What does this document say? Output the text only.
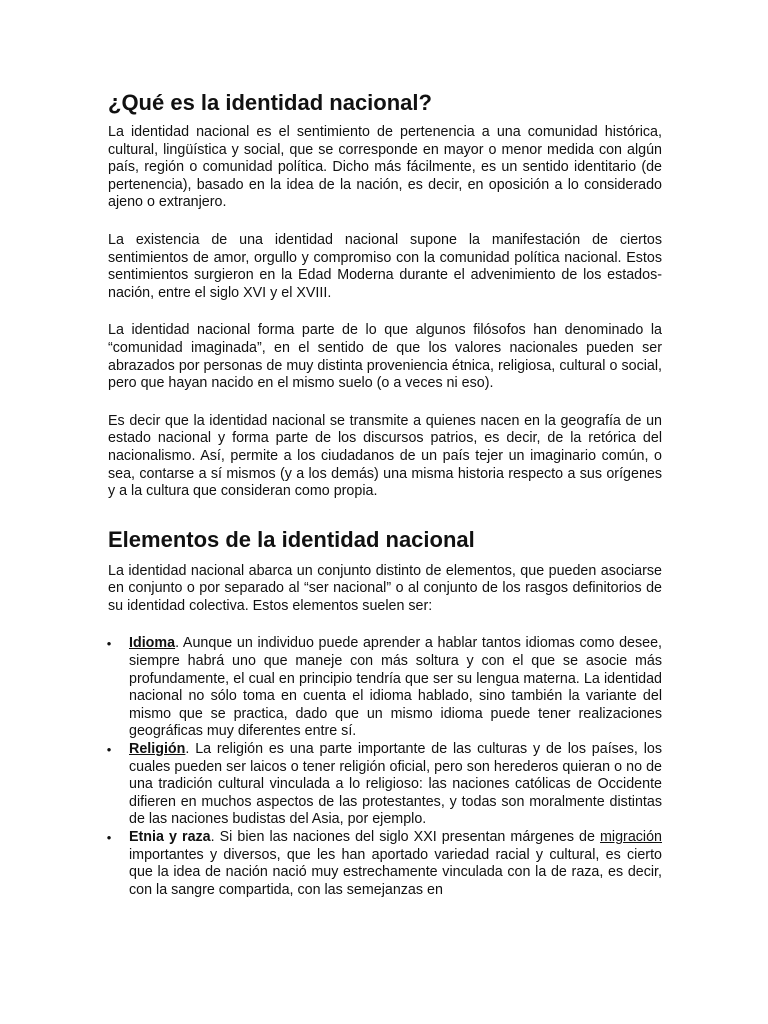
¿Qué es la identidad nacional?

La identidad nacional es el sentimiento de pertenencia a una comunidad histórica, cultural, lingüística y social, que se corresponde en mayor o menor medida con algún país, región o comunidad política. Dicho más fácilmente, es un sentido identitario (de pertenencia), basado en la idea de la nación, es decir, en oposición a lo considerado ajeno o extranjero.

La existencia de una identidad nacional supone la manifestación de ciertos sentimientos de amor, orgullo y compromiso con la comunidad política nacional. Estos sentimientos surgieron en la Edad Moderna durante el advenimiento de los estados-nación, entre el siglo XVI y el XVIII.

La identidad nacional forma parte de lo que algunos filósofos han denominado la “comunidad imaginada”, en el sentido de que los valores nacionales pueden ser abrazados por personas de muy distinta proveniencia étnica, religiosa, cultural o social, pero que hayan nacido en el mismo suelo (o a veces ni eso).

Es decir que la identidad nacional se transmite a quienes nacen en la geografía de un estado nacional y forma parte de los discursos patrios, es decir, de la retórica del nacionalismo. Así, permite a los ciudadanos de un país tejer un imaginario común, o sea, contarse a sí mismos (y a los demás) una misma historia respecto a sus orígenes y a la cultura que consideran como propia.

Elementos de la identidad nacional

La identidad nacional abarca un conjunto distinto de elementos, que pueden asociarse en conjunto o por separado al “ser nacional” o al conjunto de los rasgos definitorios de su identidad colectiva. Estos elementos suelen ser:

• Idioma. Aunque un individuo puede aprender a hablar tantos idiomas como desee, siempre habrá uno que maneje con más soltura y con el que se asocie más profundamente, el cual en principio tendría que ser su lengua materna. La identidad nacional no sólo toma en cuenta el idioma hablado, sino también la variante del mismo que se practica, dado que un mismo idioma puede tener realizaciones geográficas muy diferentes entre sí.
• Religión. La religión es una parte importante de las culturas y de los países, los cuales pueden ser laicos o tener religión oficial, pero son herederos quieran o no de una tradición cultural vinculada a lo religioso: las naciones católicas de Occidente difieren en muchos aspectos de las protestantes, y todas son moralmente distintas de las naciones budistas del Asia, por ejemplo.
• Etnia y raza. Si bien las naciones del siglo XXI presentan márgenes de migración importantes y diversos, que les han aportado variedad racial y cultural, es cierto que la idea de nación nació muy estrechamente vinculada con la de raza, es decir, con la sangre compartida, con las semejanzas en
